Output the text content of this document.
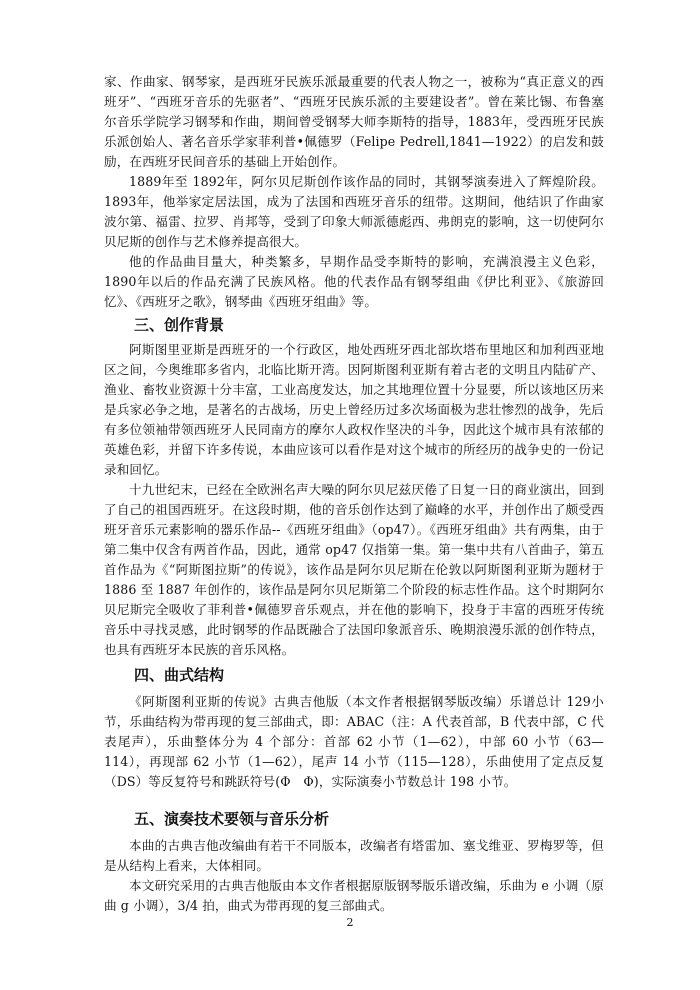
家、作曲家、钢琴家，是西班牙民族乐派最重要的代表人物之一，被称为“真正意义的西班牙”、“西班牙音乐的先驱者”、“西班牙民族乐派的主要建设者”。曾在莱比锡、布鲁塞尔音乐学院学习钢琴和作曲，期间曾受钢琴大师李斯特的指导，1883年，受西班牙民族乐派创始人、著名音乐学家菲利普•佩德罗（Felipe Pedrell,1841—1922）的启发和鼓励，在西班牙民间音乐的基础上开始创作。

1889年至 1892年，阿尔贝尼斯创作该作品的同时，其钢琴演奏进入了辉煌阶段。1893年，他举家定居法国，成为了法国和西班牙音乐的纽带。这期间，他结识了作曲家波尔第、福雷、拉罗、肖邦等，受到了印象大师派德彪西、弗朗克的影响，这一切使阿尔贝尼斯的创作与艺术修养提高很大。

他的作品曲目量大，种类繁多，早期作品受李斯特的影响，充满浪漫主义色彩，1890年以后的作品充满了民族风格。他的代表作品有钢琴组曲《伊比利亚》、《旅游回忆》、《西班牙之歌》，钢琴曲《西班牙组曲》等。

三、创作背景

阿斯图里亚斯是西班牙的一个行政区，地处西班牙西北部坎塔布里地区和加利西亚地区之间，今奥维耶多省内，北临比斯开湾。因阿斯图利亚斯有着古老的文明且内陆矿产、渔业、畜牧业资源十分丰富，工业高度发达，加之其地理位置十分显要，所以该地区历来是兵家必争之地，是著名的古战场，历史上曾经历过多次场面极为悲壮惨烈的战争，先后有多位领袖带领西班牙人民同南方的摩尔人政权作坚决的斗争，因此这个城市具有浓郁的英雄色彩，并留下许多传说，本曲应该可以看作是对这个城市的所经历的战争史的一份记录和回忆。

十九世纪末，已经在全欧洲名声大噪的阿尔贝尼兹厌倦了日复一日的商业演出，回到了自己的祖国西班牙。在这段时期，他的音乐创作达到了巅峰的水平，并创作出了颇受西班牙音乐元素影响的器乐作品--《西班牙组曲》（op47）。《西班牙组曲》共有两集，由于第二集中仅含有两首作品，因此，通常 op47 仅指第一集。第一集中共有八首曲子，第五首作品为《“阿斯图拉斯”的传说》，该作品是阿尔贝尼斯在伦敦以阿斯图利亚斯为题材于 1886 至 1887 年创作的，该作品是阿尔贝尼斯第二个阶段的标志性作品。这个时期阿尔贝尼斯完全吸收了菲利普•佩德罗音乐观点，并在他的影响下，投身于丰富的西班牙传统音乐中寻找灵感，此时钢琴的作品既融合了法国印象派音乐、晚期浪漫乐派的创作特点，也具有西班牙本民族的音乐风格。

四、曲式结构

《阿斯图利亚斯的传说》古典吉他版（本文作者根据钢琴版改编）乐谱总计 129小节，乐曲结构为带再现的复三部曲式，即：ABAC（注：A 代表首部，B 代表中部，C 代表尾声），乐曲整体分为 4 个部分：首部 62 小节（1—62），中部 60 小节（63—114），再现部 62 小节（1—62），尾声 14 小节（115—128），乐曲使用了定点反复（DS）等反复符号和跳跃符号(Φ　Φ)，实际演奏小节数总计 198 小节。

五、演奏技术要领与音乐分析

本曲的古典吉他改编曲有若干不同版本，改编者有塔雷加、塞戈维亚、罗梅罗等，但是从结构上看来，大体相同。

本文研究采用的古典吉他版由本文作者根据原版钢琴版乐谱改编，乐曲为 e 小调（原曲 g 小调），3/4 拍，曲式为带再现的复三部曲式。

2
